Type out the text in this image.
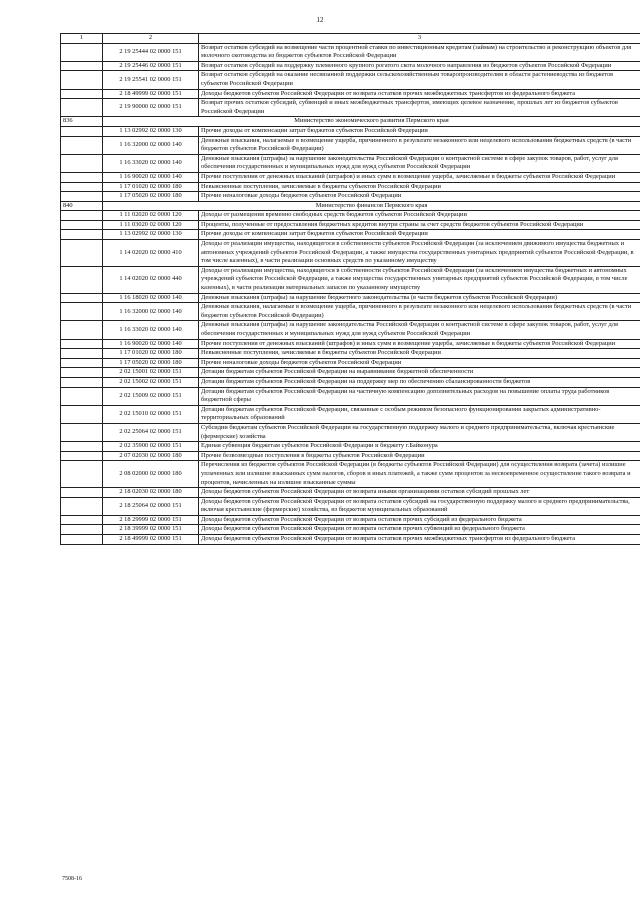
12
1	2	3
	2 19 25444 02 0000 151	Возврат остатков субсидий на возмещение части процентной ставки по инвестиционным кредитам (займам) на строительство и реконструкцию объектов для молочного скотоводства из бюджетов субъектов Российской Федерации
	2 19 25446 02 0000 151	Возврат остатков субсидий на поддержку племенного крупного рогатого скота молочного направления из бюджетов субъектов Российской Федерации
	2 19 25541 02 0000 151	Возврат остатков субсидий на оказание несвязанной поддержки сельскохозяйственным товаропроизводителям в области растениеводства из бюджетов субъектов Российской Федерации
	2 18 49999 02 0000 151	Доходы бюджетов субъектов Российской Федерации от возврата остатков прочих межбюджетных трансфертов из федерального бюджета
	2 19 90000 02 0000 151	Возврат прочих остатков субсидий, субвенций и иных межбюджетных трансфертов, имеющих целевое назначение, прошлых лет из бюджетов субъектов Российской Федерации
836	Министерство экономического развития Пермского края	
	1 13 02992 02 0000 130	Прочие доходы от компенсации затрат бюджетов субъектов Российской Федерации
	1 16 32000 02 0000 140	Денежные взыскания, налагаемые в возмещение ущерба, причиненного в результате незаконного или нецелевого использования бюджетных средств (в части бюджетов субъектов Российской Федерации)
	1 16 33020 02 0000 140	Денежные взыскания (штрафы) за нарушение законодательства Российской Федерации о контрактной системе в сфере закупок товаров, работ, услуг для обеспечения государственных и муниципальных нужд для нужд субъектов Российской Федерации
	1 16 90020 02 0000 140	Прочие поступления от денежных взысканий (штрафов) и иных сумм в возмещение ущерба, зачисляемые в бюджеты субъектов Российской Федерации
	1 17 01020 02 0000 180	Невыясненные поступления, зачисляемые в бюджеты субъектов Российской Федерации
	1 17 05020 02 0000 180	Прочие неналоговые доходы бюджетов субъектов Российской Федерации
840	Министерство финансов Пермского края	
	1 11 02020 02 0000 120	Доходы от размещения временно свободных средств бюджетов субъектов Российской Федерации
	1 11 03020 02 0000 120	Проценты, полученные от предоставления бюджетных кредитов внутри страны за счет средств бюджетов субъектов Российской Федерации
	1 13 02992 02 0000 130	Прочие доходы от компенсации затрат бюджетов субъектов Российской Федерации
	1 14 02020 02 0000 410	Доходы от реализации имущества, находящегося в собственности субъектов Российской Федерации (за исключением движимого имущества бюджетных и автономных учреждений субъектов Российской Федерации, а также имущества государственных унитарных предприятий субъектов Российской Федерации, в том числе казенных), в части реализации основных средств по указанному имуществу
	1 14 02020 02 0000 440	Доходы от реализации имущества, находящегося в собственности субъектов Российской Федерации (за исключением имущества бюджетных и автономных учреждений субъектов Российской Федерации, а также имущества государственных унитарных предприятий субъектов Российской Федерации, в том числе казенных), в части реализации материальных запасов по указанному имуществу
	1 16 18020 02 0000 140	Денежные взыскания (штрафы) за нарушение бюджетного законодательства (в части бюджетов субъектов Российской Федерации)
	1 16 32000 02 0000 140	Денежные взыскания, налагаемые в возмещение ущерба, причиненного в результате незаконного или нецелевого использования бюджетных средств (в части бюджетов субъектов Российской Федерации)
	1 16 33020 02 0000 140	Денежные взыскания (штрафы) за нарушение законодательства Российской Федерации о контрактной системе в сфере закупок товаров, работ, услуг для обеспечения государственных и муниципальных нужд для нужд субъектов Российской Федерации
	1 16 90020 02 0000 140	Прочие поступления от денежных взысканий (штрафов) и иных сумм в возмещение ущерба, зачисляемые в бюджеты субъектов Российской Федерации
	1 17 01020 02 0000 180	Невыясненные поступления, зачисляемые в бюджеты субъектов Российской Федерации
	1 17 05020 02 0000 180	Прочие неналоговые доходы бюджетов субъектов Российской Федерации
	2 02 15001 02 0000 151	Дотации бюджетам субъектов Российской Федерации на выравнивание бюджетной обеспеченности
	2 02 15002 02 0000 151	Дотации бюджетам субъектов Российской Федерации на поддержку мер по обеспечению сбалансированности бюджетов
	2 02 15009 02 0000 151	Дотации бюджетам субъектов Российской Федерации на частичную компенсацию дополнительных расходов на повышение оплаты труда работников бюджетной сферы
	2 02 15010 02 0000 151	Дотации бюджетам субъектов Российской Федерации, связанные с особым режимом безопасного функционирования закрытых административно-территориальных образований
	2 02 25064 02 0000 151	Субсидии бюджетам субъектов Российской Федерации на государственную поддержку малого и среднего предпринимательства, включая крестьянские (фермерские) хозяйства
	2 02 35900 02 0000 151	Единая субвенция бюджетам субъектов Российской Федерации и бюджету г.Байконура
	2 07 02030 02 0000 180	Прочие безвозмездные поступления в бюджеты субъектов Российской Федерации
	2 08 02000 02 0000 180	Перечисления из бюджетов субъектов Российской Федерации (в бюджеты субъектов Российской Федерации) для осуществления возврата (зачета) излишне уплаченных или излишне взысканных сумм налогов, сборов и иных платежей, а также сумм процентов за несвоевременное осуществление такого возврата и процентов, начисленных на излишне взысканные суммы
	2 18 02030 02 0000 180	Доходы бюджетов субъектов Российской Федерации от возврата иными организациями остатков субсидий прошлых лет
	2 18 25064 02 0000 151	Доходы бюджетов субъектов Российской Федерации от возврата остатков субсидий на государственную поддержку малого и среднего предпринимательства, включая крестьянские (фермерские) хозяйства, из бюджетов муниципальных образований
	2 18 29999 02 0000 151	Доходы бюджетов субъектов Российской Федерации от возврата остатков прочих субсидий из федерального бюджета
	2 18 39999 02 0000 151	Доходы бюджетов субъектов Российской Федерации от возврата остатков прочих субвенций из федерального бюджета
	2 18 49999 02 0000 151	Доходы бюджетов субъектов Российской Федерации от возврата остатков прочих межбюджетных трансфертов из федерального бюджета
7508-16
